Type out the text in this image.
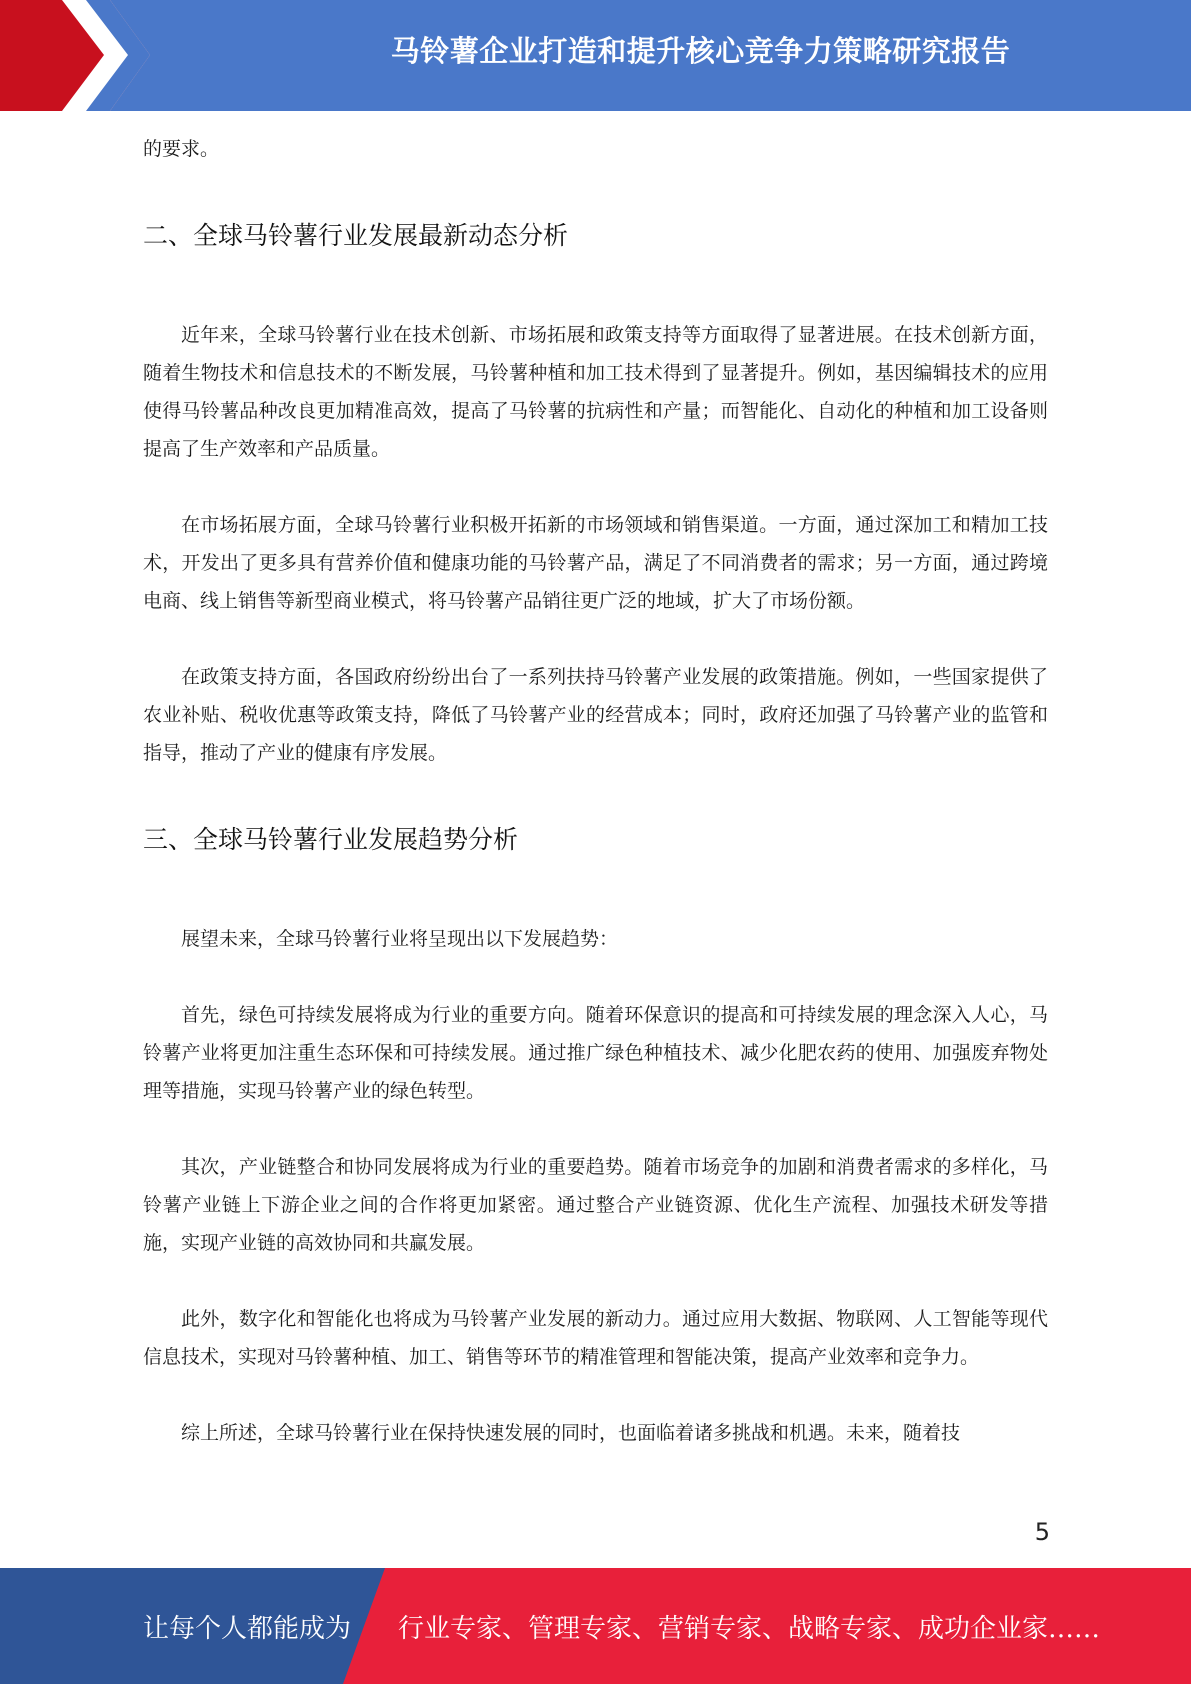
马铃薯企业打造和提升核心竞争力策略研究报告

的要求。

二、全球马铃薯行业发展最新动态分析

近年来，全球马铃薯行业在技术创新、市场拓展和政策支持等方面取得了显著进展。在技术创新方面，随着生物技术和信息技术的不断发展，马铃薯种植和加工技术得到了显著提升。例如，基因编辑技术的应用使得马铃薯品种改良更加精准高效，提高了马铃薯的抗病性和产量；而智能化、自动化的种植和加工设备则提高了生产效率和产品质量。

在市场拓展方面，全球马铃薯行业积极开拓新的市场领域和销售渠道。一方面，通过深加工和精加工技术，开发出了更多具有营养价值和健康功能的马铃薯产品，满足了不同消费者的需求；另一方面，通过跨境电商、线上销售等新型商业模式，将马铃薯产品销往更广泛的地域，扩大了市场份额。

在政策支持方面，各国政府纷纷出台了一系列扶持马铃薯产业发展的政策措施。例如，一些国家提供了农业补贴、税收优惠等政策支持，降低了马铃薯产业的经营成本；同时，政府还加强了马铃薯产业的监管和指导，推动了产业的健康有序发展。

三、全球马铃薯行业发展趋势分析

展望未来，全球马铃薯行业将呈现出以下发展趋势：

首先，绿色可持续发展将成为行业的重要方向。随着环保意识的提高和可持续发展的理念深入人心，马铃薯产业将更加注重生态环保和可持续发展。通过推广绿色种植技术、减少化肥农药的使用、加强废弃物处理等措施，实现马铃薯产业的绿色转型。

其次，产业链整合和协同发展将成为行业的重要趋势。随着市场竞争的加剧和消费者需求的多样化，马铃薯产业链上下游企业之间的合作将更加紧密。通过整合产业链资源、优化生产流程、加强技术研发等措施，实现产业链的高效协同和共赢发展。

此外，数字化和智能化也将成为马铃薯产业发展的新动力。通过应用大数据、物联网、人工智能等现代信息技术，实现对马铃薯种植、加工、销售等环节的精准管理和智能决策，提高产业效率和竞争力。

综上所述，全球马铃薯行业在保持快速发展的同时，也面临着诸多挑战和机遇。未来，随着技

5
让每个人都能成为 行业专家、管理专家、营销专家、战略专家、成功企业家……
